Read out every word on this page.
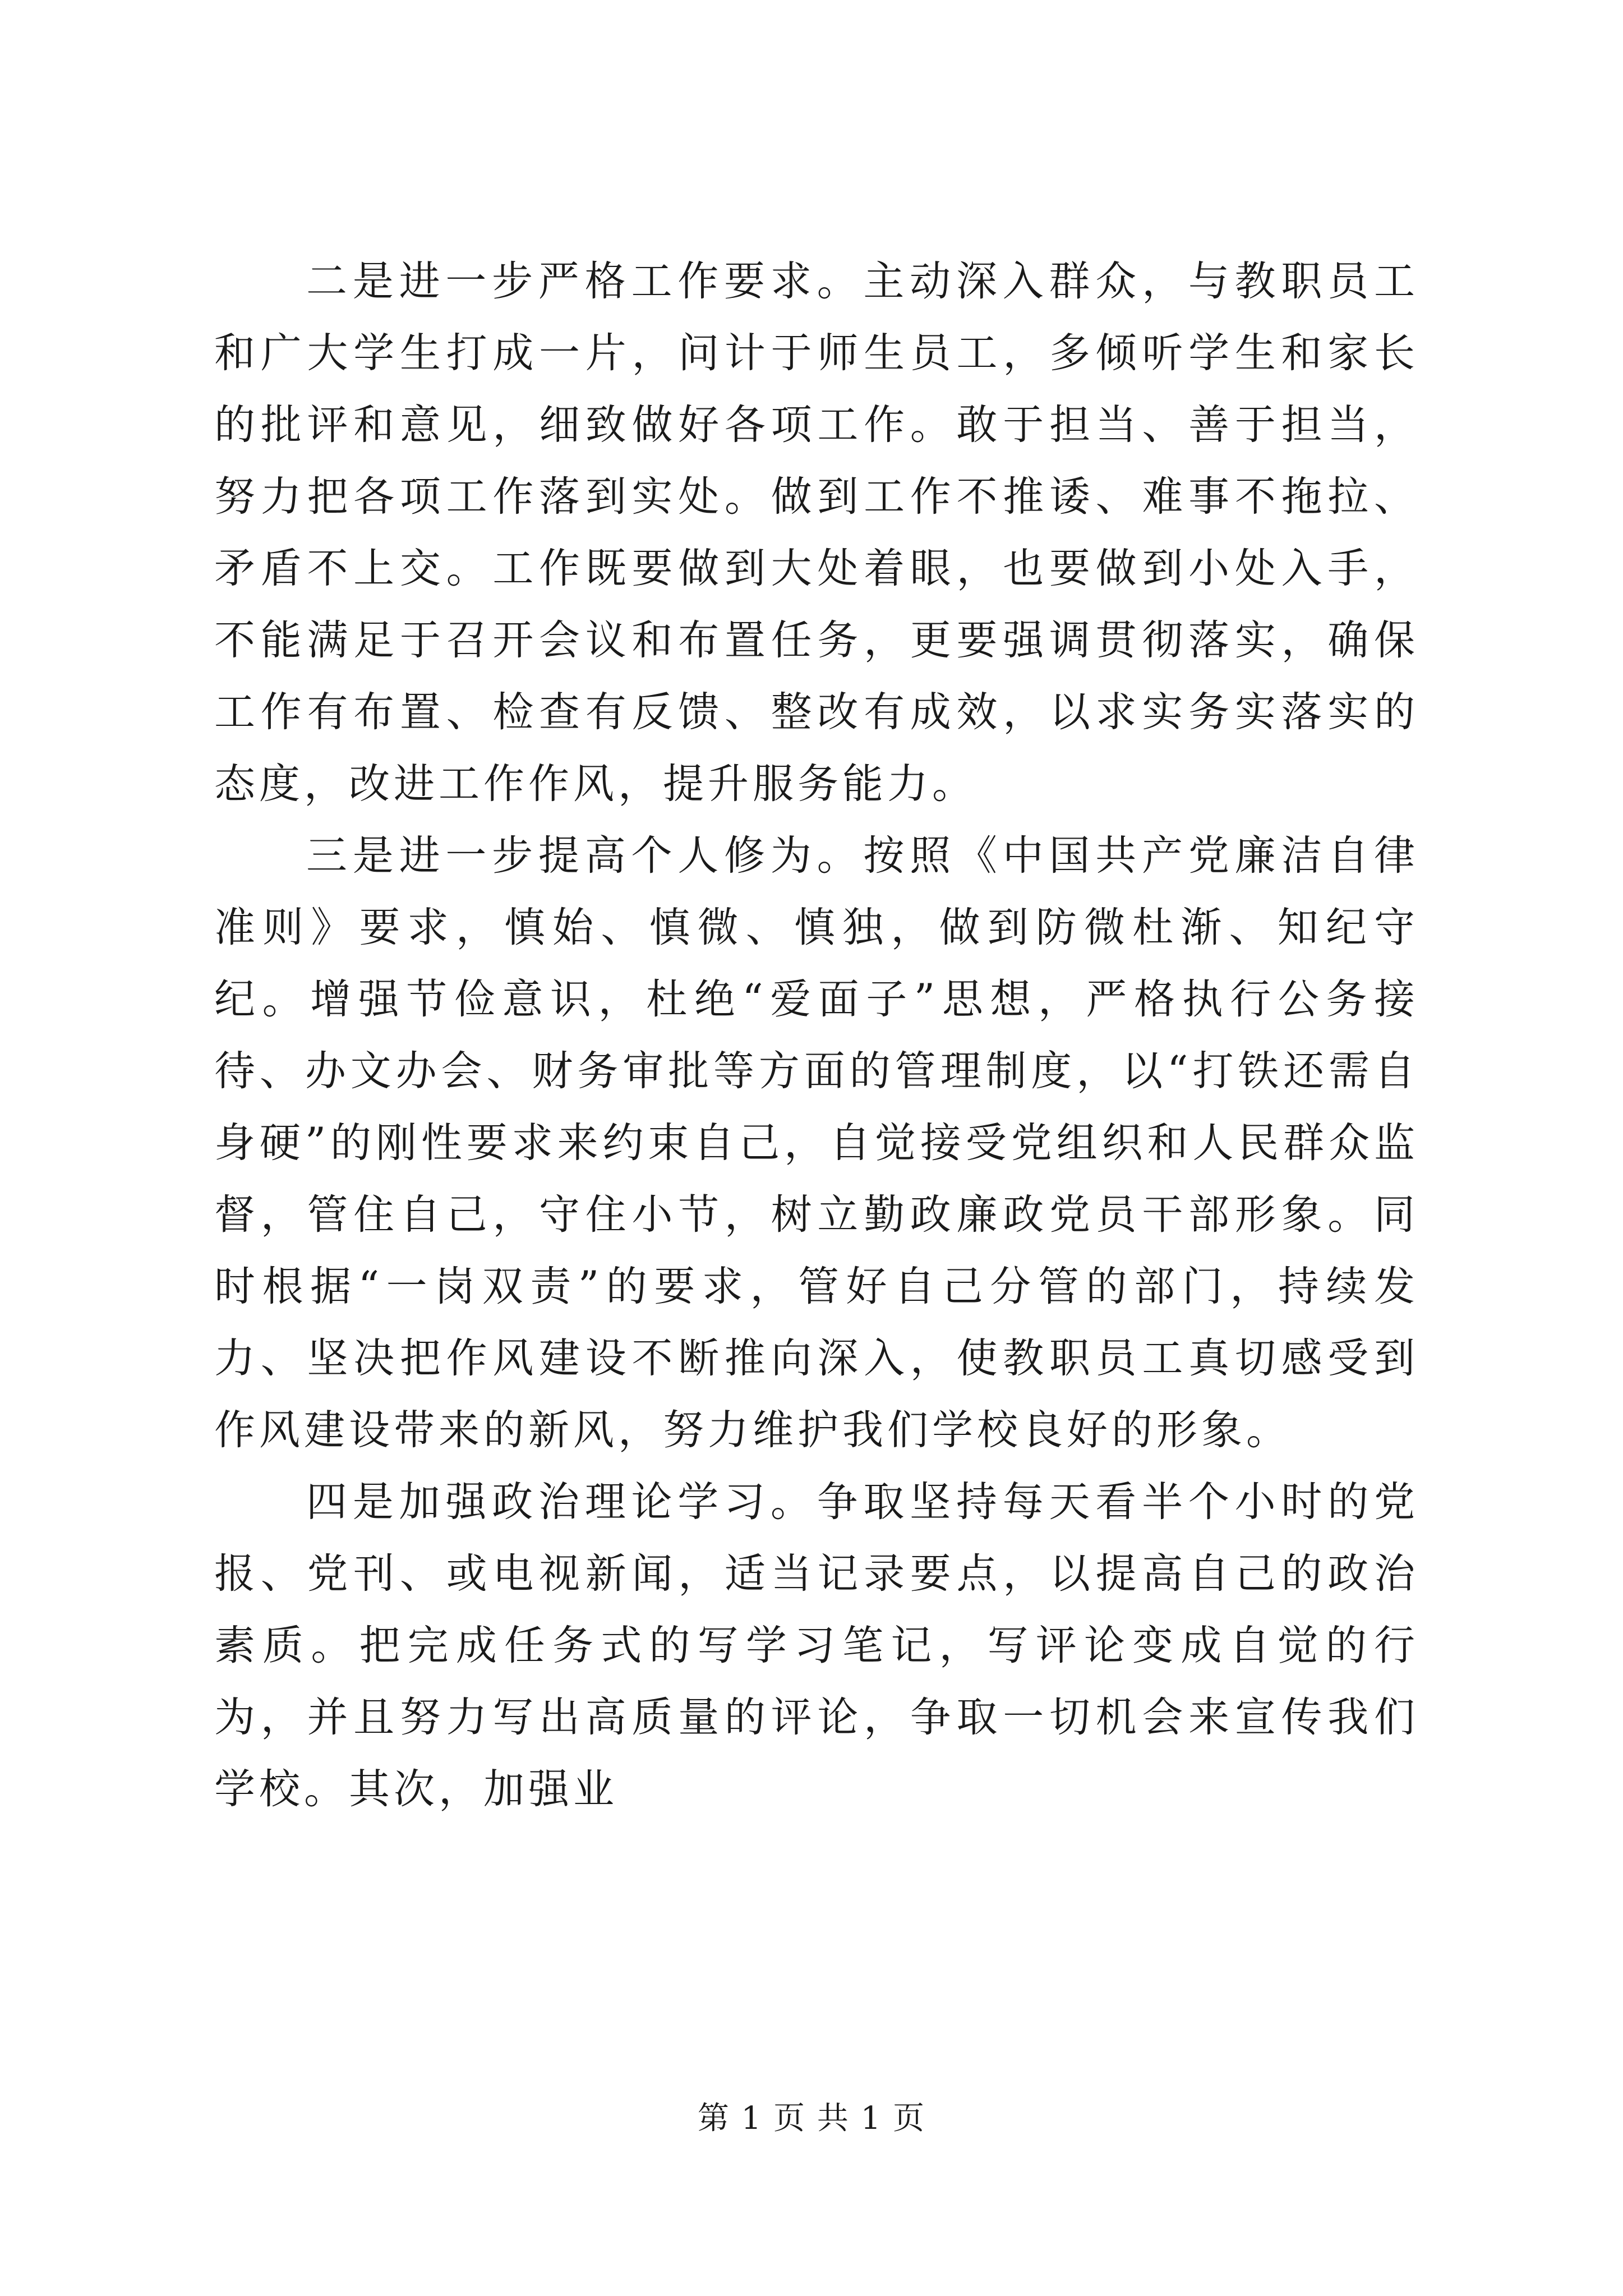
二是进一步严格工作要求。主动深入群众，与教职员工和广大学生打成一片，问计于师生员工，多倾听学生和家长的批评和意见，细致做好各项工作。敢于担当、善于担当，努力把各项工作落到实处。做到工作不推诿、难事不拖拉、矛盾不上交。工作既要做到大处着眼，也要做到小处入手，不能满足于召开会议和布置任务，更要强调贯彻落实，确保工作有布置、检查有反馈、整改有成效，以求实务实落实的态度，改进工作作风，提升服务能力。

三是进一步提高个人修为。按照《中国共产党廉洁自律准则》要求，慎始、慎微、慎独，做到防微杜渐、知纪守纪。增强节俭意识，杜绝“爱面子”思想，严格执行公务接待、办文办会、财务审批等方面的管理制度，以“打铁还需自身硬”的刚性要求来约束自己，自觉接受党组织和人民群众监督，管住自己，守住小节，树立勤政廉政党员干部形象。同时根据“一岗双责”的要求，管好自己分管的部门，持续发力、坚决把作风建设不断推向深入，使教职员工真切感受到作风建设带来的新风，努力维护我们学校良好的形象。

四是加强政治理论学习。争取坚持每天看半个小时的党报、党刊、或电视新闻，适当记录要点，以提高自己的政治素质。把完成任务式的写学习笔记，写评论变成自觉的行为，并且努力写出高质量的评论，争取一切机会来宣传我们学校。其次，加强业

第 1 页 共 1 页
